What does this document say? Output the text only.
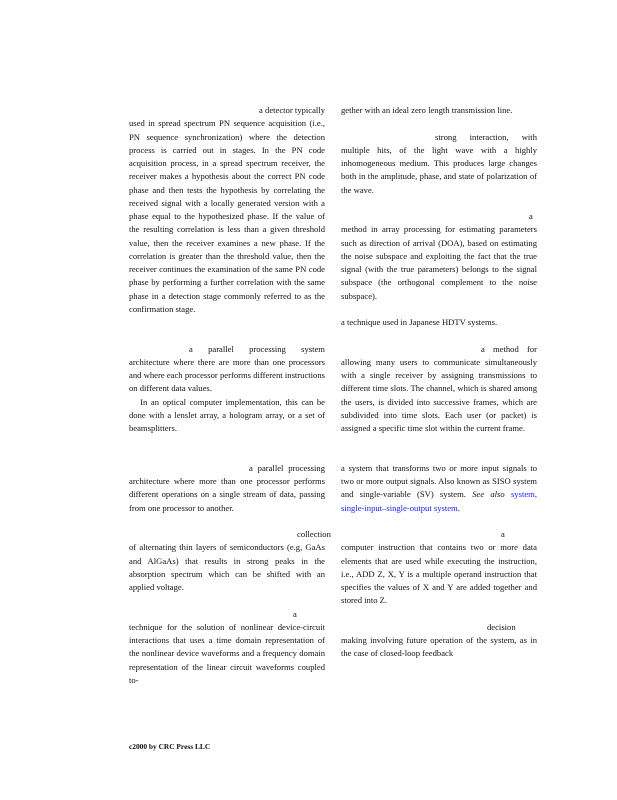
a detector typically used in spread spectrum PN sequence acquisition (i.e., PN sequence synchronization) where the detection process is carried out in stages. In the PN code acquisition process, in a spread spectrum receiver, the receiver makes a hypothesis about the correct PN code phase and then tests the hypothesis by correlating the received signal with a locally generated version with a phase equal to the hypothesized phase. If the value of the resulting correlation is less than a given threshold value, then the receiver examines a new phase. If the correlation is greater than the threshold value, then the receiver continues the examination of the same PN code phase by performing a further correlation with the same phase in a detection stage commonly referred to as the confirmation stage.

a parallel processing system architecture where there are more than one processors and where each processor performs different instructions on different data values.

In an optical computer implementation, this can be done with a lenslet array, a hologram array, or a set of beamsplitters.

a parallel processing architecture where more than one processor performs different operations on a single stream of data, passing from one processor to another.

collection of alternating thin layers of semiconductors (e.g, GaAs and AlGaAs) that results in strong peaks in the absorption spectrum which can be shifted with an applied voltage.

a technique for the solution of nonlinear device-circuit interactions that uses a time domain representation of the nonlinear device waveforms and a frequency domain representation of the linear circuit waveforms coupled to-

gether with an ideal zero length transmission line.

strong interaction, with multiple hits, of the light wave with a highly inhomogeneous medium. This produces large changes both in the amplitude, phase, and state of polarization of the wave.

a method in array processing for estimating parameters such as direction of arrival (DOA), based on estimating the noise subspace and exploiting the fact that the true signal (with the true parameters) belongs to the signal subspace (the orthogonal complement to the noise subspace).

a technique used in Japanese HDTV systems.

a method for allowing many users to communicate simultaneously with a single receiver by assigning transmissions to different time slots. The channel, which is shared among the users, is divided into successive frames, which are subdivided into time slots. Each user (or packet) is assigned a specific time slot within the current frame.

a system that transforms two or more input signals to two or more output signals. Also known as SISO system and single-variable (SV) system. See also system, single-input–single-output system.

a computer instruction that contains two or more data elements that are used while executing the instruction, i.e., ADD Z, X, Y is a multiple operand instruction that specifies the values of X and Y are added together and stored into Z.

decision making involving future operation of the system, as in the case of closed-loop feedback

c2000 by CRC Press LLC
